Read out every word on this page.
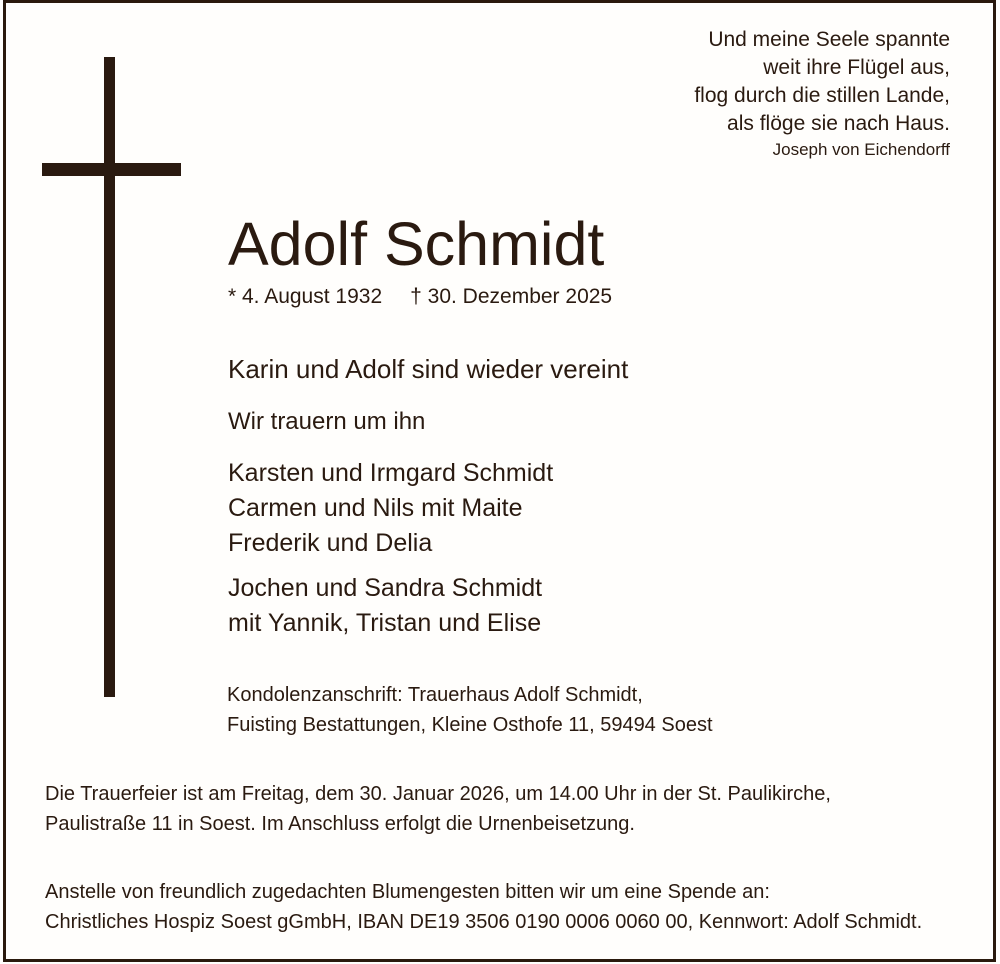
Und meine Seele spannte
weit ihre Flügel aus,
flog durch die stillen Lande,
als flöge sie nach Haus.
Joseph von Eichendorff
Adolf Schmidt
* 4. August 1932 † 30. Dezember 2025
Karin und Adolf sind wieder vereint
Wir trauern um ihn
Karsten und Irmgard Schmidt
Carmen und Nils mit Maite
Frederik und Delia
Jochen und Sandra Schmidt
mit Yannik, Tristan und Elise
Kondolenzanschrift: Trauerhaus Adolf Schmidt,
Fuisting Bestattungen, Kleine Osthofe 11, 59494 Soest
Die Trauerfeier ist am Freitag, dem 30. Januar 2026, um 14.00 Uhr in der St. Paulikirche,
Paulistraße 11 in Soest. Im Anschluss erfolgt die Urnenbeisetzung.
Anstelle von freundlich zugedachten Blumengesten bitten wir um eine Spende an:
Christliches Hospiz Soest gGmbH, IBAN DE19 3506 0190 0006 0060 00, Kennwort: Adolf Schmidt.
